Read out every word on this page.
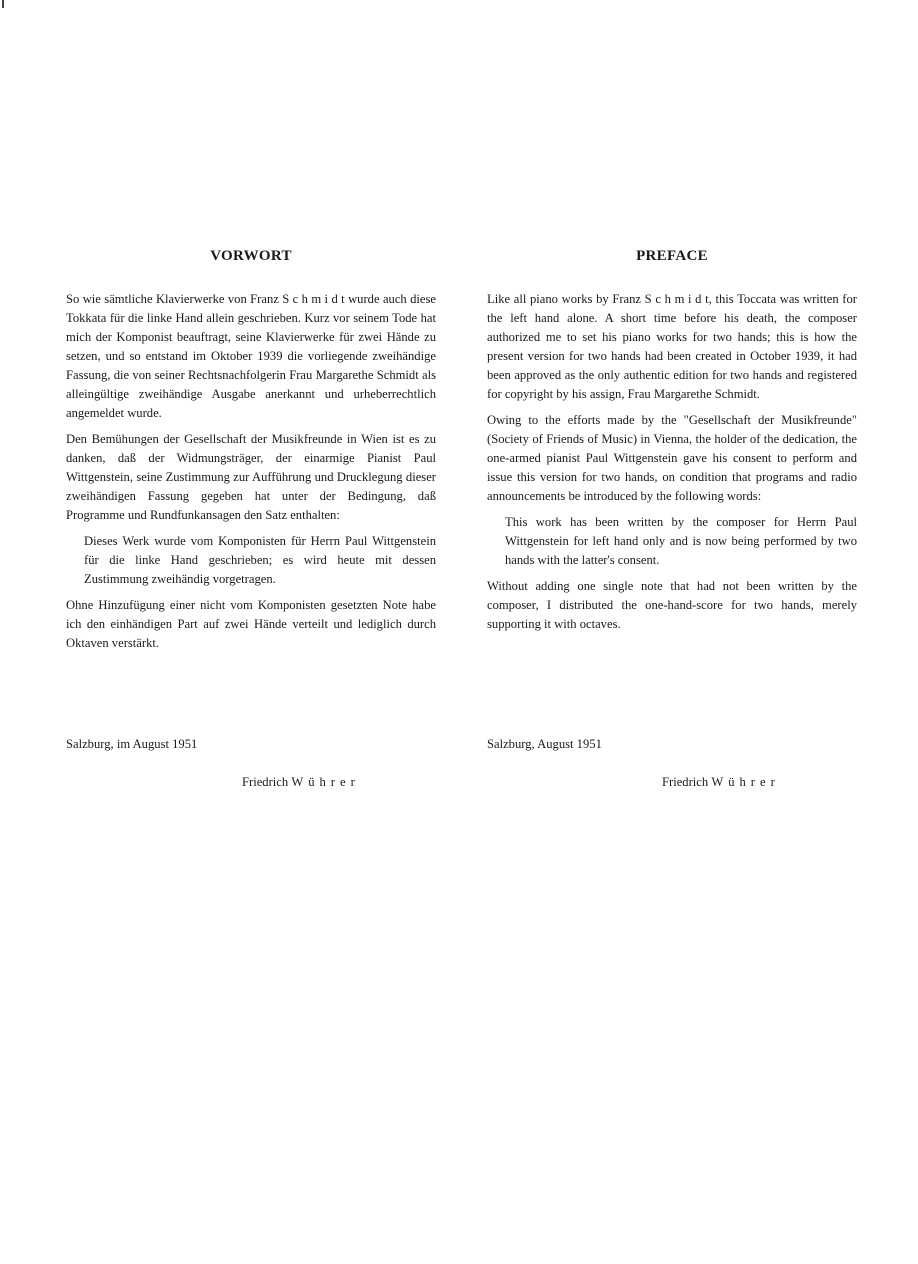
VORWORT

So wie sämtliche Klavierwerke von Franz S c h m i d t wurde auch diese Tokkata für die linke Hand allein geschrieben. Kurz vor seinem Tode hat mich der Komponist beauftragt, seine Klavierwerke für zwei Hände zu setzen, und so entstand im Oktober 1939 die vorliegende zweihändige Fassung, die von seiner Rechtsnachfolgerin Frau Margarethe Schmidt als alleingültige zweihändige Ausgabe anerkannt und urheberrechtlich angemeldet wurde.

Den Bemühungen der Gesellschaft der Musikfreunde in Wien ist es zu danken, daß der Widmungsträger, der einarmige Pianist Paul Wittgenstein, seine Zustimmung zur Aufführung und Drucklegung dieser zweihändigen Fassung gegeben hat unter der Bedingung, daß Programme und Rundfunkansagen den Satz enthalten:

Dieses Werk wurde vom Komponisten für Herrn Paul Wittgenstein für die linke Hand geschrieben; es wird heute mit dessen Zustimmung zweihändig vorgetragen.

Ohne Hinzufügung einer nicht vom Komponisten gesetzten Note habe ich den einhändigen Part auf zwei Hände verteilt und lediglich durch Oktaven verstärkt.

PREFACE

Like all piano works by Franz S c h m i d t, this Toccata was written for the left hand alone. A short time before his death, the composer authorized me to set his piano works for two hands; this is how the present version for two hands had been created in October 1939, it had been approved as the only authentic edition for two hands and registered for copyright by his assign, Frau Margarethe Schmidt.

Owing to the efforts made by the "Gesellschaft der Musikfreunde" (Society of Friends of Music) in Vienna, the holder of the dedication, the one-armed pianist Paul Wittgenstein gave his consent to perform and issue this version for two hands, on condition that programs and radio announcements be introduced by the following words:

This work has been written by the composer for Herrn Paul Wittgenstein for left hand only and is now being performed by two hands with the latter's consent.

Without adding one single note that had not been written by the composer, I distributed the one-hand-score for two hands, merely supporting it with octaves.

Salzburg, im August 1951	Salzburg, August 1951
Friedrich Wührer	Friedrich Wührer
